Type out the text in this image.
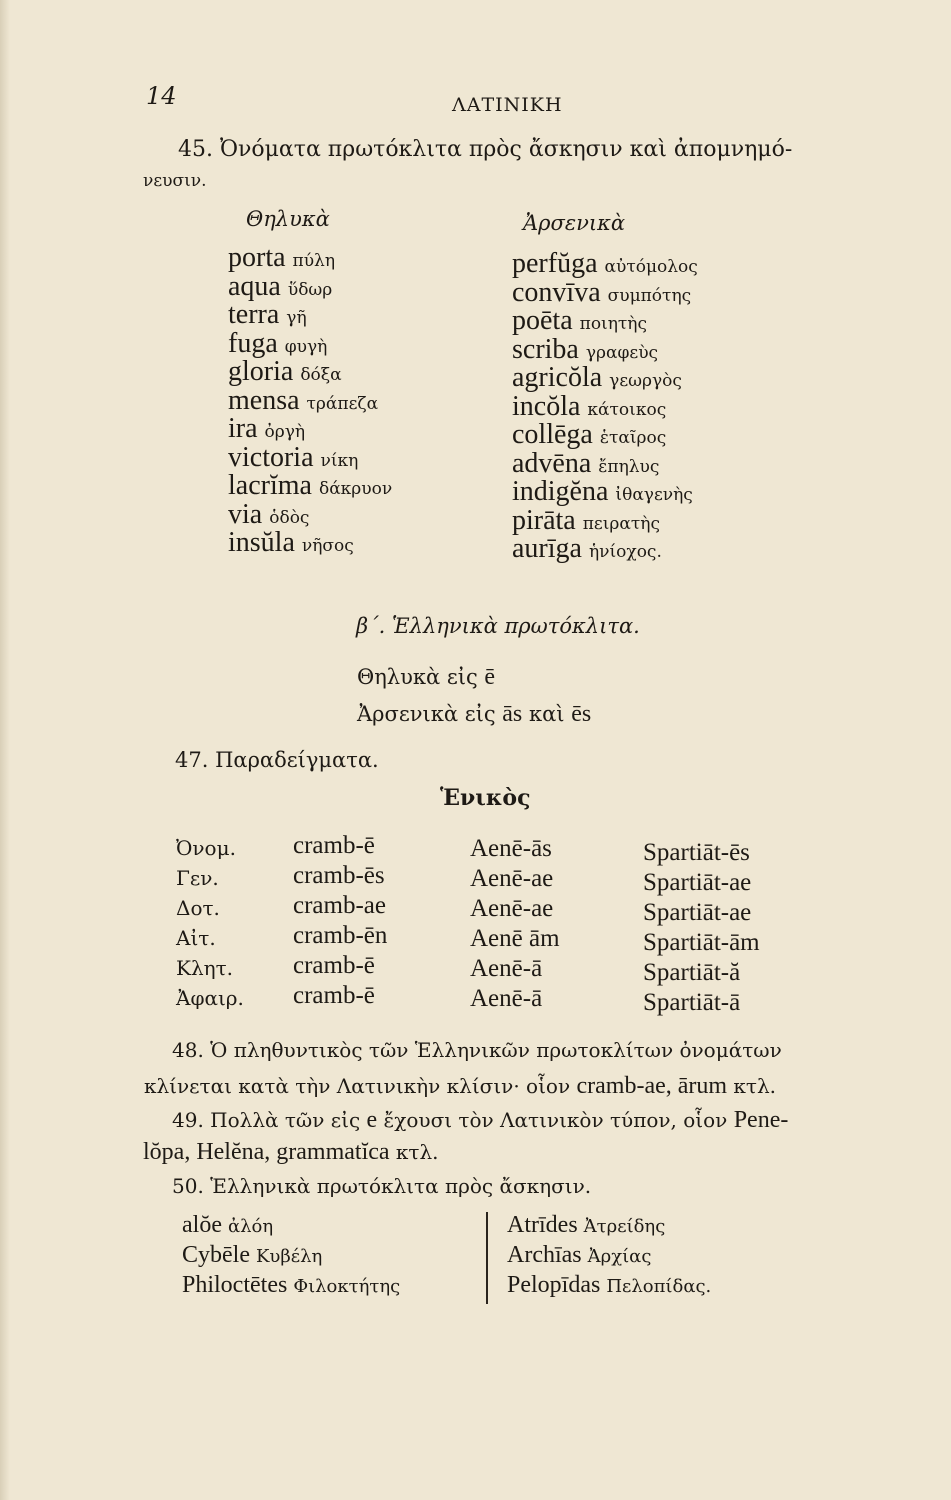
14	ΛΑΤΙΝΙΚΗ
45. Ὀνόματα πρωτόκλιτα πρὸς ἄσκησιν καὶ ἀπομνημό-
νευσιν.
Θηλυκὰ	Ἀρσενικὰ
porta πύλη
aqua ὕδωρ
terra γῆ
fuga φυγὴ
gloria δόξα
mensa τράπεζα
ira ὀργὴ
victoria νίκη
lacrĭma δάκρυον
via ὁδὸς
insŭla νῆσος
perfŭga αὐτόμολος
convīva συμπότης
poēta ποιητὴς
scriba γραφεὺς
agricŏla γεωργὸς
incŏla κάτοικος
collēga ἑταῖρος
advēna ἔπηλυς
indigĕna ἰθαγενὴς
pirāta πειρατὴς
aurīga ἡνίοχος.
β΄. Ἑλληνικὰ πρωτόκλιτα.
Θηλυκὰ εἰς ē
Ἀρσενικὰ εἰς ās καὶ ēs
47. Παραδείγματα.
Ἑνικὸς
Ὀνομ.
Γεν.
Δοτ.
Αἰτ.
Κλητ.
Ἀφαιρ.
cramb-ē
cramb-ēs
cramb-ae
cramb-ēn
cramb-ē
cramb-ē
Aenē-ās
Aenē-ae
Aenē-ae
Aenē ām
Aenē-ā
Aenē-ā
Spartiāt-ēs
Spartiāt-ae
Spartiāt-ae
Spartiāt-ām
Spartiāt-ă
Spartiāt-ā
48. Ὁ πληθυντικὸς τῶν Ἑλληνικῶν πρωτοκλίτων ὀνομάτων
κλίνεται κατὰ τὴν Λατινικὴν κλίσιν· οἷον cramb-ae, ārum κτλ.
49. Πολλὰ τῶν εἰς e ἔχουσι τὸν Λατινικὸν τύπον, οἷον Pene-
lŏpa, Helĕna, grammatĭca κτλ.
50. Ἑλληνικὰ πρωτόκλιτα πρὸς ἄσκησιν.
alŏe ἀλόη
Cybēle Κυβέλη
Philoctētes Φιλοκτήτης
Atrīdes Ἀτρείδης
Archīas Ἀρχίας
Pelopīdas Πελοπίδας.
